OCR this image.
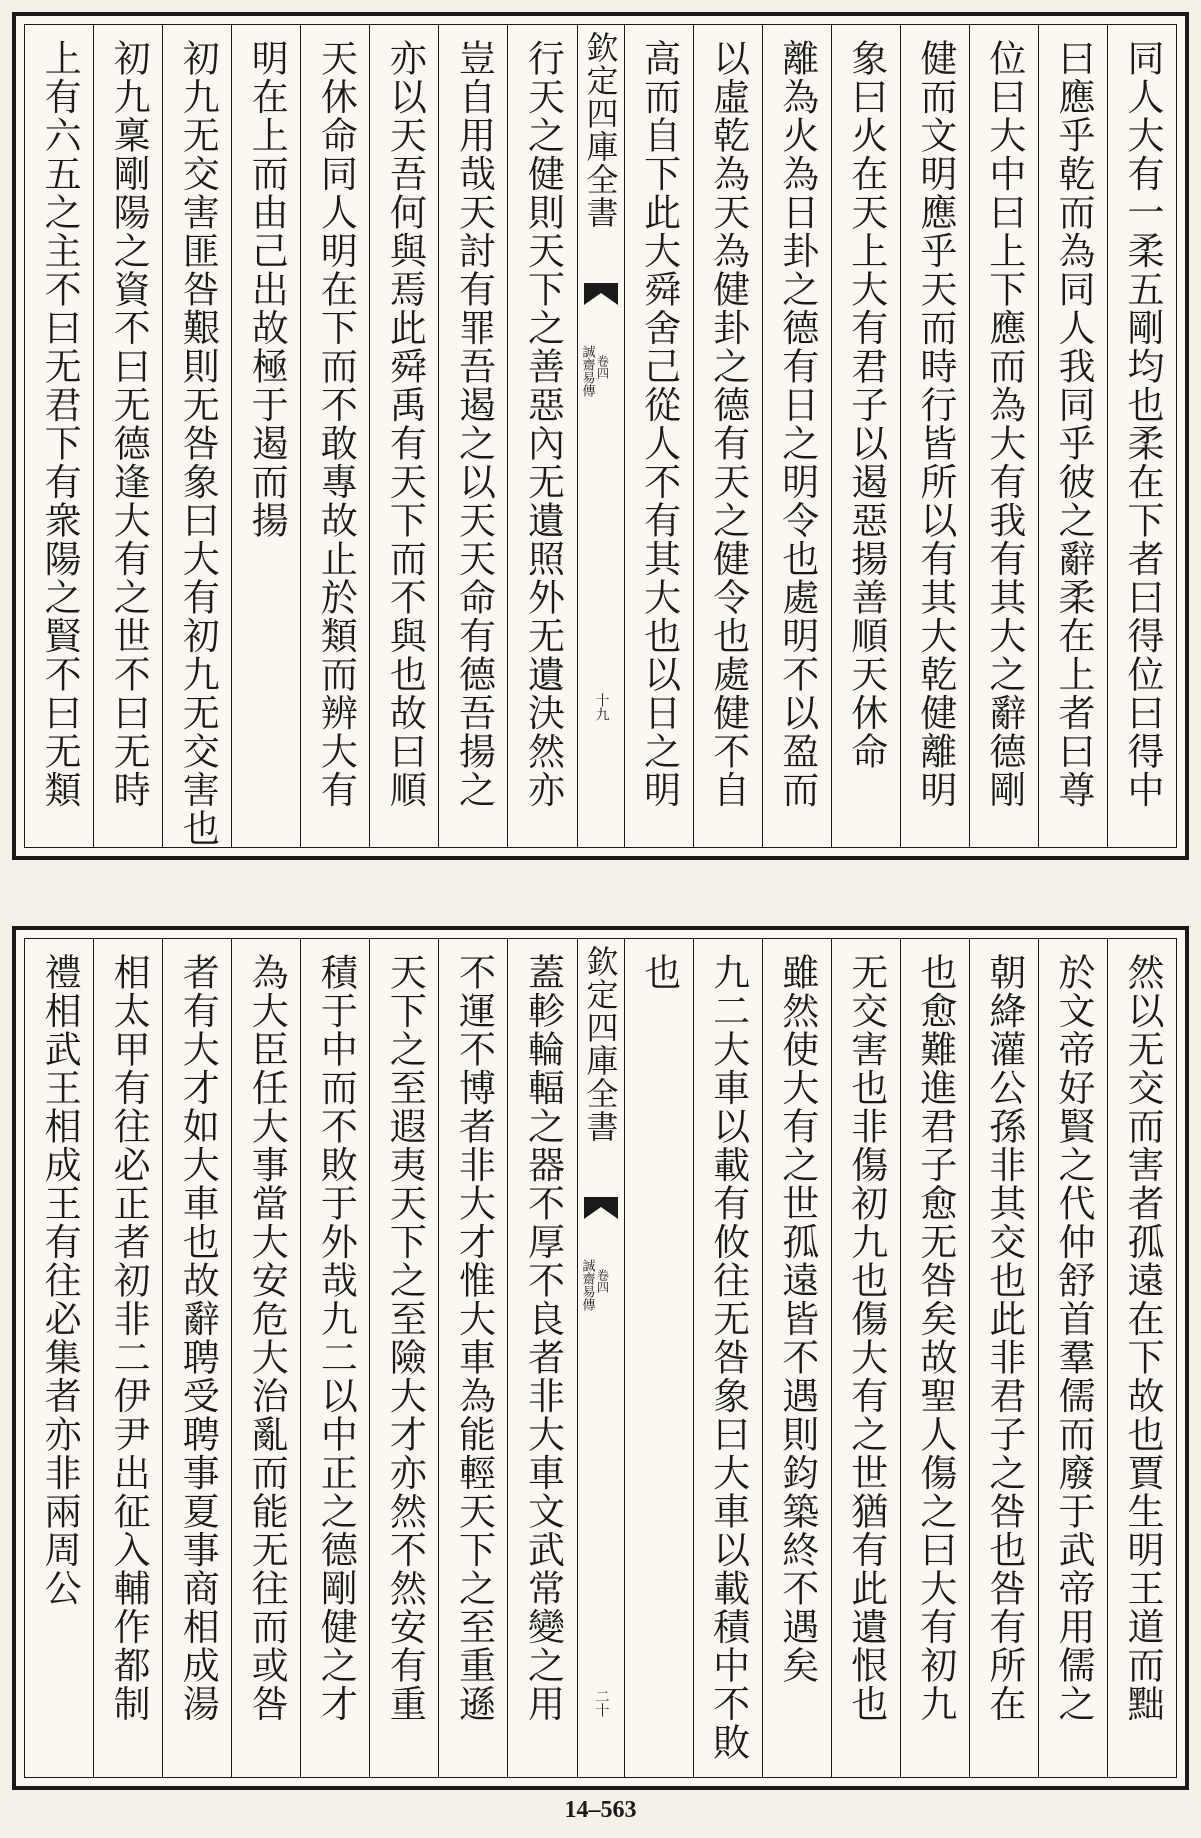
同人大有一柔五剛均也柔在下者曰得位曰得中
曰應乎乾而為同人我同乎彼之辭柔在上者曰尊
位曰大中曰上下應而為大有我有其大之辭德剛
健而文明應乎天而時行皆所以有其大乾健離明
象曰火在天上大有君子以遏惡揚善順天休命
離為火為日卦之德有日之明令也處明不以盈而
以虛乾為天為健卦之德有天之健令也處健不自
高而自下此大舜舍己從人不有其大也以日之明
欽定四庫全書
誠齋易傳 卷四
十九
行天之健則天下之善惡內无遺照外无遺決然亦
豈自用哉天討有罪吾遏之以天天命有德吾揚之
亦以天吾何與焉此舜禹有天下而不與也故曰順
天休命同人明在下而不敢專故止於類而辨大有
明在上而由己出故極于遏而揚
初九无交害匪咎艱則无咎象曰大有初九无交害也
初九稟剛陽之資不曰无德逢大有之世不曰无時
上有六五之主不曰无君下有衆陽之賢不曰无類
然以无交而害者孤遠在下故也賈生明王道而黜
於文帝好賢之代仲舒首羣儒而廢于武帝用儒之
朝絳灌公孫非其交也此非君子之咎也咎有所在
也愈難進君子愈无咎矣故聖人傷之曰大有初九
无交害也非傷初九也傷大有之世猶有此遺恨也
雖然使大有之世孤遠皆不遇則鈞築終不遇矣
九二大車以載有攸往无咎象曰大車以載積中不敗
也
欽定四庫全書
誠齋易傳 卷四
二十
蓋軫輪輻之器不厚不良者非大車文武常變之用
不運不博者非大才惟大車為能輕天下之至重遜
天下之至遐夷天下之至險大才亦然不然安有重
積于中而不敗于外哉九二以中正之德剛健之才
為大臣任大事當大安危大治亂而能无往而或咎
者有大才如大車也故辭聘受聘事夏事商相成湯
相太甲有往必正者初非二伊尹出征入輔作都制
禮相武王相成王有往必集者亦非兩周公
14–563
